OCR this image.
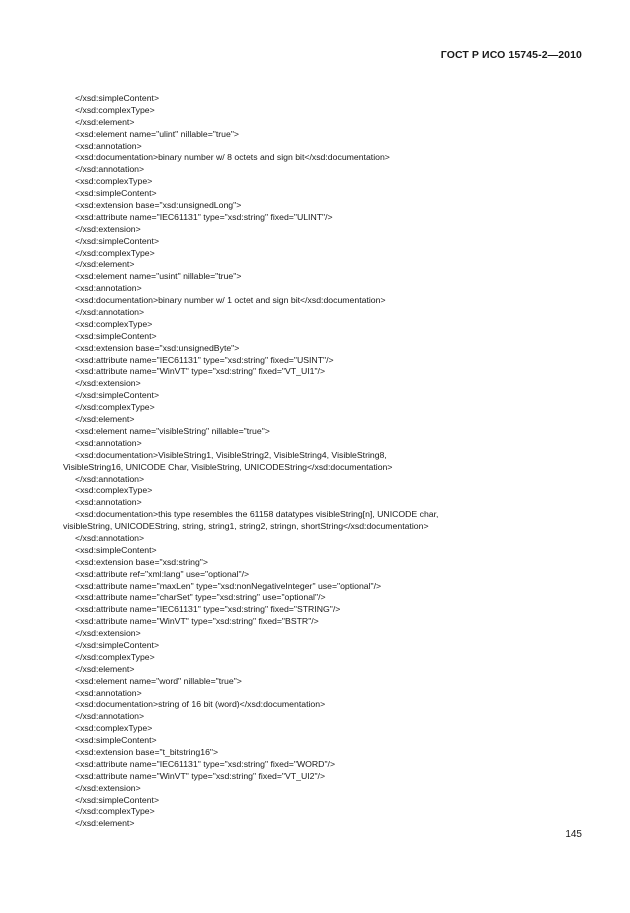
ГОСТ Р ИСО 15745-2—2010
</xsd:simpleContent>
</xsd:complexType>
</xsd:element>
<xsd:element name="ulint" nillable="true">
<xsd:annotation>
<xsd:documentation>binary number w/ 8 octets and sign bit</xsd:documentation>
</xsd:annotation>
<xsd:complexType>
<xsd:simpleContent>
<xsd:extension base="xsd:unsignedLong">
<xsd:attribute name="IEC61131" type="xsd:string" fixed="ULINT"/>
</xsd:extension>
</xsd:simpleContent>
</xsd:complexType>
</xsd:element>
<xsd:element name="usint" nillable="true">
<xsd:annotation>
<xsd:documentation>binary number w/ 1 octet and sign bit</xsd:documentation>
</xsd:annotation>
<xsd:complexType>
<xsd:simpleContent>
<xsd:extension base="xsd:unsignedByte">
<xsd:attribute name="IEC61131" type="xsd:string" fixed="USINT"/>
<xsd:attribute name="WinVT" type="xsd:string" fixed="VT_UI1"/>
</xsd:extension>
</xsd:simpleContent>
</xsd:complexType>
</xsd:element>
<xsd:element name="visibleString" nillable="true">
<xsd:annotation>
<xsd:documentation>VisibleString1, VisibleString2, VisibleString4, VisibleString8,
VisibleString16, UNICODE Char, VisibleString, UNICODEString</xsd:documentation>
</xsd:annotation>
<xsd:complexType>
<xsd:annotation>
<xsd:documentation>this type resembles the 61158 datatypes visibleString[n], UNICODE char,
visibleString, UNICODEString, string, string1, string2, stringn, shortString</xsd:documentation>
</xsd:annotation>
<xsd:simpleContent>
<xsd:extension base="xsd:string">
<xsd:attribute ref="xml:lang" use="optional"/>
<xsd:attribute name="maxLen" type="xsd:nonNegativeInteger" use="optional"/>
<xsd:attribute name="charSet" type="xsd:string" use="optional"/>
<xsd:attribute name="IEC61131" type="xsd:string" fixed="STRING"/>
<xsd:attribute name="WinVT" type="xsd:string" fixed="BSTR"/>
</xsd:extension>
</xsd:simpleContent>
</xsd:complexType>
</xsd:element>
<xsd:element name="word" nillable="true">
<xsd:annotation>
<xsd:documentation>string of 16 bit (word)</xsd:documentation>
</xsd:annotation>
<xsd:complexType>
<xsd:simpleContent>
<xsd:extension base="t_bitstring16">
<xsd:attribute name="IEC61131" type="xsd:string" fixed="WORD"/>
<xsd:attribute name="WinVT" type="xsd:string" fixed="VT_UI2"/>
</xsd:extension>
</xsd:simpleContent>
</xsd:complexType>
</xsd:element>
145
